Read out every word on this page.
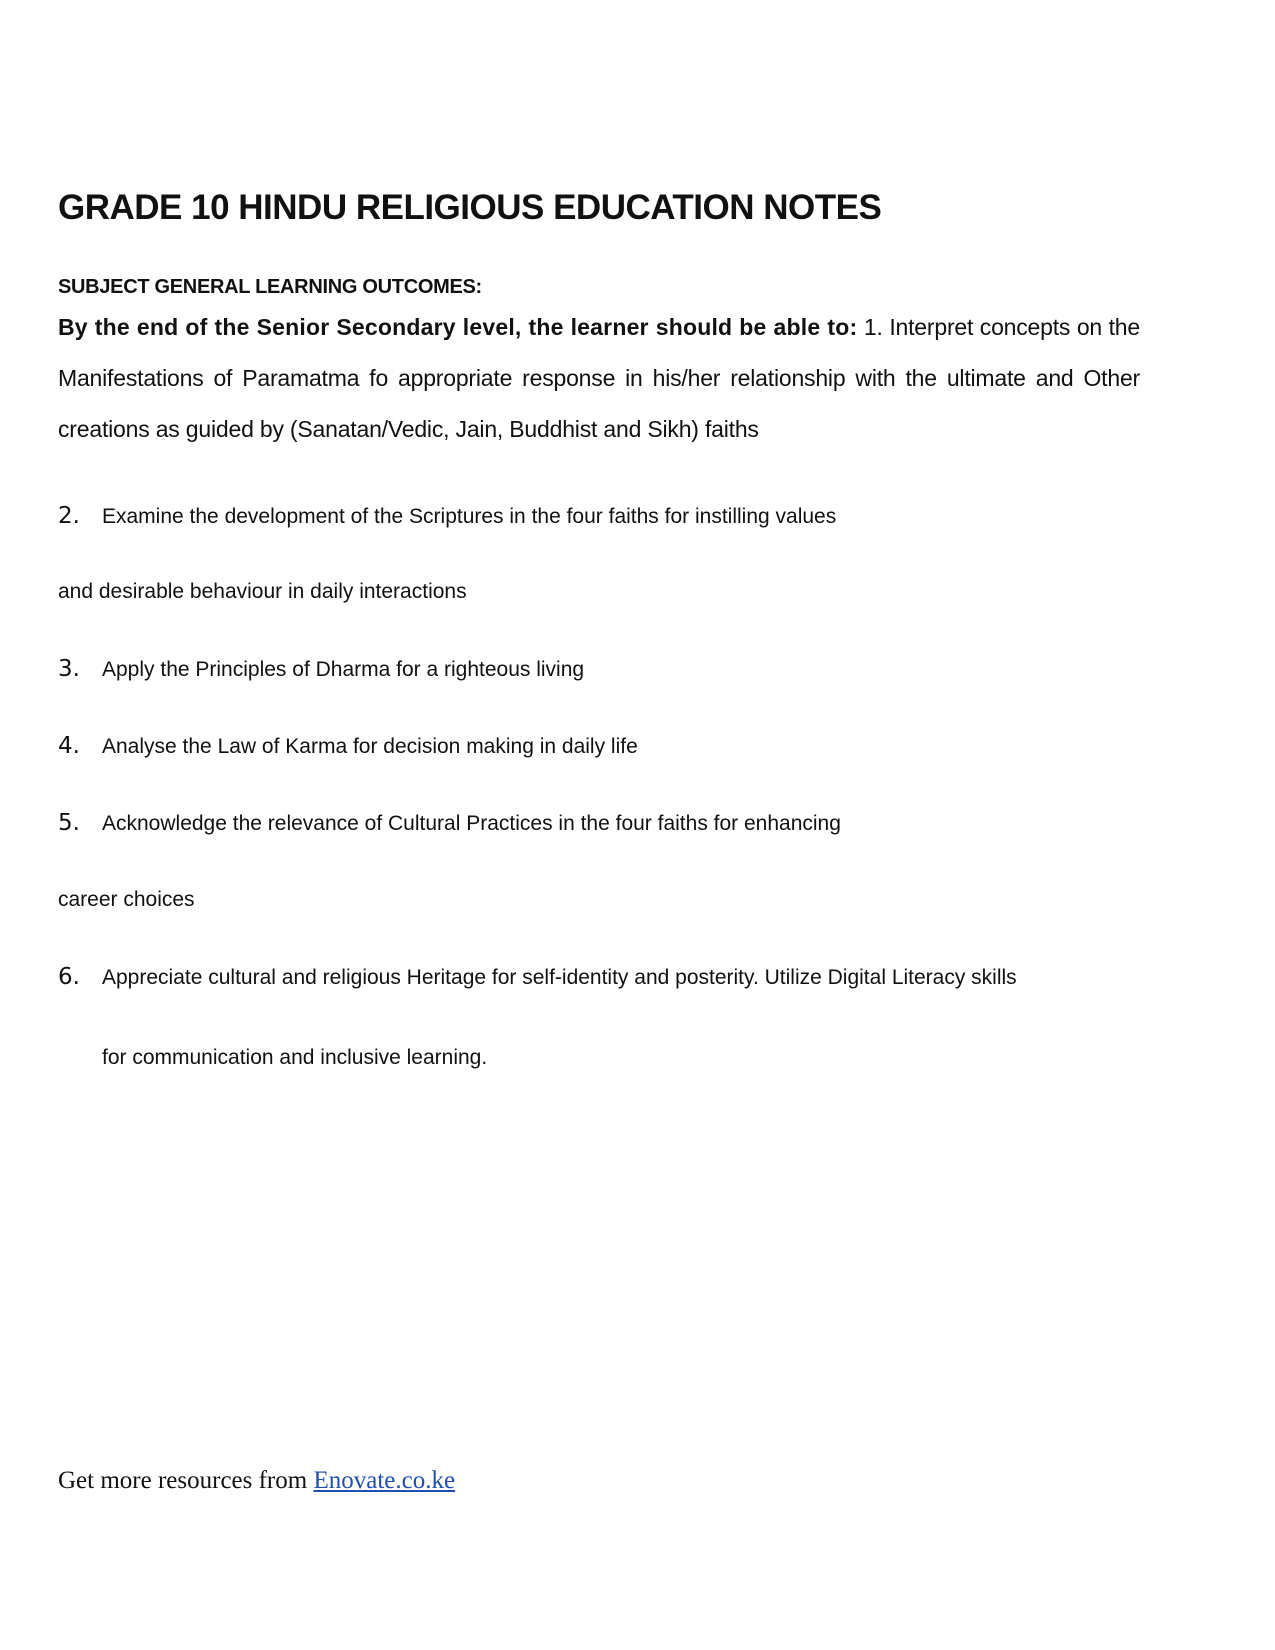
GRADE 10 HINDU RELIGIOUS EDUCATION NOTES
SUBJECT GENERAL LEARNING OUTCOMES:
By the end of the Senior Secondary level, the learner should be able to: 1. Interpret concepts on the Manifestations of Paramatma fo appropriate response in his/her relationship with the ultimate and Other creations as guided by (Sanatan/Vedic, Jain, Buddhist and Sikh) faiths
2. Examine the development of the Scriptures in the four faiths for instilling values
and desirable behaviour in daily interactions
3. Apply the Principles of Dharma for a righteous living
4. Analyse the Law of Karma for decision making in daily life
5. Acknowledge the relevance of Cultural Practices in the four faiths for enhancing
career choices
6. Appreciate cultural and religious Heritage for self-identity and posterity. Utilize Digital Literacy skills
for communication and inclusive learning.
Get more resources from Enovate.co.ke
